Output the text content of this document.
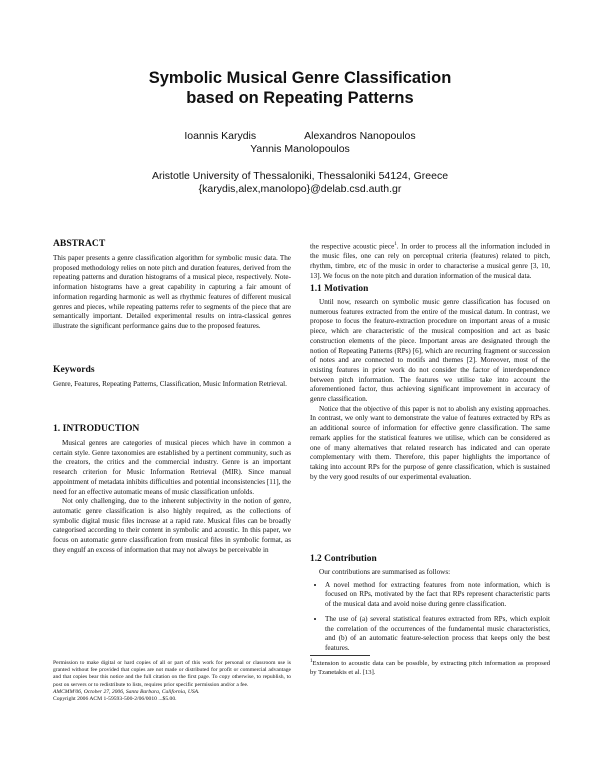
Symbolic Musical Genre Classification
based on Repeating Patterns
Ioannis Karydis	Alexandros Nanopoulos
Yannis Manolopoulos
Aristotle University of Thessaloniki, Thessaloniki 54124, Greece
{karydis,alex,manolopo}@delab.csd.auth.gr
ABSTRACT

This paper presents a genre classification algorithm for symbolic music data. The proposed methodology relies on note pitch and duration features, derived from the repeating patterns and duration histograms of a musical piece, respectively. Note-information histograms have a great capability in capturing a fair amount of information regarding harmonic as well as rhythmic features of different musical genres and pieces, while repeating patterns refer to segments of the piece that are semantically important. Detailed experimental results on intra-classical genres illustrate the significant performance gains due to the proposed features.

Keywords

Genre, Features, Repeating Patterns, Classification, Music Information Retrieval.

1. INTRODUCTION

Musical genres are categories of musical pieces which have in common a certain style. Genre taxonomies are established by a pertinent community, such as the creators, the critics and the commercial industry. Genre is an important research criterion for Music Information Retrieval (MIR). Since manual appointment of metadata inhibits difficulties and potential inconsistencies [11], the need for an effective automatic means of music classification unfolds.

Not only challenging, due to the inherent subjectivity in the notion of genre, automatic genre classification is also highly required, as the collections of symbolic digital music files increase at a rapid rate. Musical files can be broadly categorised according to their content in symbolic and acoustic. In this paper, we focus on automatic genre classification from musical files in symbolic format, as they engulf an excess of information that may not always be perceivable in

Permission to make digital or hard copies of all or part of this work for personal or classroom use is granted without fee provided that copies are not made or distributed for profit or commercial advantage and that copies bear this notice and the full citation on the first page. To copy otherwise, to republish, to post on servers or to redistribute to lists, requires prior specific permission and/or a fee.

AMCMM'06, October 27, 2006, Santa Barbara, California, USA.
Copyright 2006 ACM 1-59593-500-2/06/0010 ...$5.00.

the respective acoustic piece$^1$. In order to process all the information included in the music files, one can rely on perceptual criteria (features) related to pitch, rhythm, timbre, etc of the music in order to characterise a musical genre [3, 10, 13]. We focus on the note pitch and duration information of the musical data.

1.1 Motivation

Until now, research on symbolic music genre classification has focused on numerous features extracted from the entire of the musical datum. In contrast, we propose to focus the feature-extraction procedure on important areas of a music piece, which are characteristic of the musical composition and act as basic construction elements of the piece. Important areas are designated through the notion of Repeating Patterns (RPs) [6], which are recurring fragment or succession of notes and are connected to motifs and themes [2]. Moreover, most of the existing features in prior work do not consider the factor of interdependence between pitch information. The features we utilise take into account the aforementioned factor, thus achieving significant improvement in accuracy of genre classification.

Notice that the objective of this paper is not to abolish any existing approaches. In contrast, we only want to demonstrate the value of features extracted by RPs as an additional source of information for effective genre classification. The same remark applies for the statistical features we utilise, which can be considered as one of many alternatives that related research has indicated and can operate complementary with them. Therefore, this paper highlights the importance of taking into account RPs for the purpose of genre classification, which is sustained by the very good results of our experimental evaluation.

1.2 Contribution

Our contributions are summarised as follows:

• A novel method for extracting features from note information, which is focused on RPs, motivated by the fact that RPs represent characteristic parts of the musical data and avoid noise during genre classification.
• The use of (a) several statistical features extracted from RPs, which exploit the correlation of the occurrences of the fundamental music characteristics, and (b) of an automatic feature-selection process that keeps only the best features.
$^1$Extension to acoustic data can be possible, by extracting pitch information as proposed by Tzanetakis et al. [13].
